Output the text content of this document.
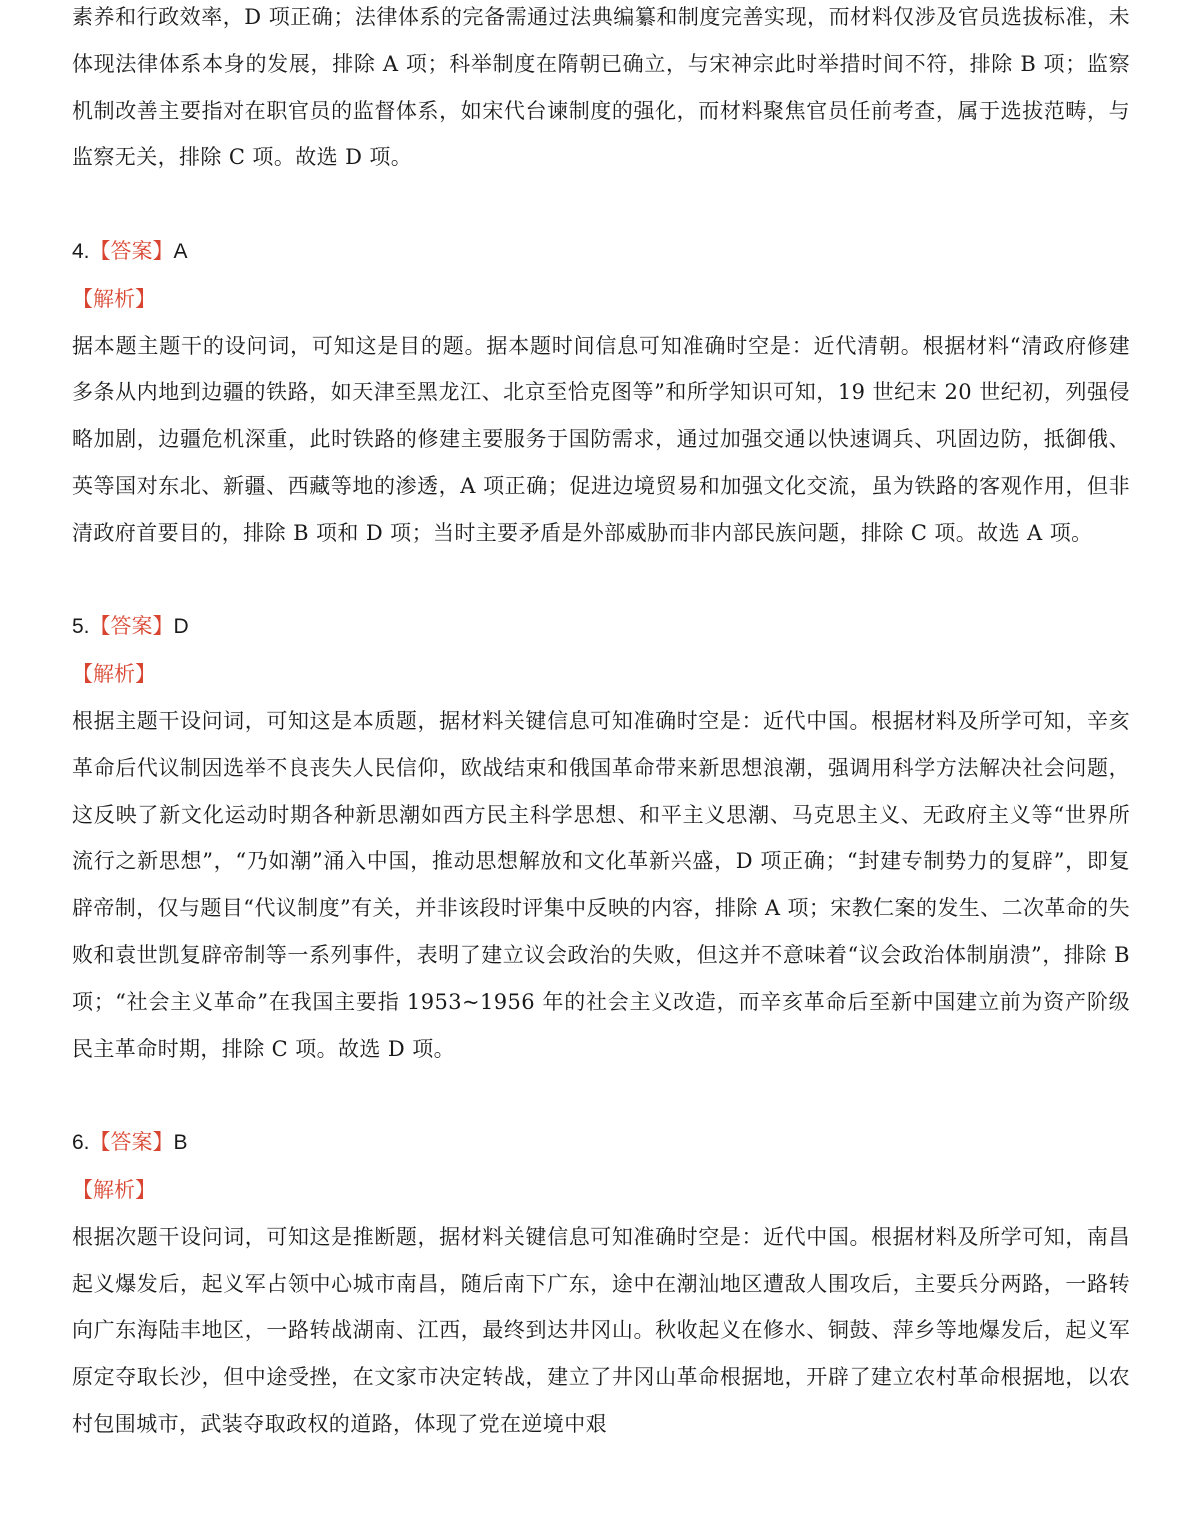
素养和行政效率，D 项正确；法律体系的完备需通过法典编纂和制度完善实现，而材料仅涉及官员选拔标准，未体现法律体系本身的发展，排除 A 项；科举制度在隋朝已确立，与宋神宗此时举措时间不符，排除 B 项；监察机制改善主要指对在职官员的监督体系，如宋代台谏制度的强化，而材料聚焦官员任前考查，属于选拔范畴，与监察无关，排除 C 项。故选 D 项。

4.【答案】A

【解析】

据本题主题干的设问词，可知这是目的题。据本题时间信息可知准确时空是：近代清朝。根据材料“清政府修建多条从内地到边疆的铁路，如天津至黑龙江、北京至恰克图等”和所学知识可知，19 世纪末 20 世纪初，列强侵略加剧，边疆危机深重，此时铁路的修建主要服务于国防需求，通过加强交通以快速调兵、巩固边防，抵御俄、英等国对东北、新疆、西藏等地的渗透，A 项正确；促进边境贸易和加强文化交流，虽为铁路的客观作用，但非清政府首要目的，排除 B 项和 D 项；当时主要矛盾是外部威胁而非内部民族问题，排除 C 项。故选 A 项。

5.【答案】D

【解析】

根据主题干设问词，可知这是本质题，据材料关键信息可知准确时空是：近代中国。根据材料及所学可知，辛亥革命后代议制因选举不良丧失人民信仰，欧战结束和俄国革命带来新思想浪潮，强调用科学方法解决社会问题，这反映了新文化运动时期各种新思潮如西方民主科学思想、和平主义思潮、马克思主义、无政府主义等“世界所流行之新思想”，“乃如潮”涌入中国，推动思想解放和文化革新兴盛，D 项正确；“封建专制势力的复辟”，即复辟帝制，仅与题目“代议制度”有关，并非该段时评集中反映的内容，排除 A 项；宋教仁案的发生、二次革命的失败和袁世凯复辟帝制等一系列事件，表明了建立议会政治的失败，但这并不意味着“议会政治体制崩溃”，排除 B 项；“社会主义革命”在我国主要指 1953~1956 年的社会主义改造，而辛亥革命后至新中国建立前为资产阶级民主革命时期，排除 C 项。故选 D 项。

6.【答案】B

【解析】

根据次题干设问词，可知这是推断题，据材料关键信息可知准确时空是：近代中国。根据材料及所学可知，南昌起义爆发后，起义军占领中心城市南昌，随后南下广东，途中在潮汕地区遭敌人围攻后，主要兵分两路，一路转向广东海陆丰地区，一路转战湖南、江西，最终到达井冈山。秋收起义在修水、铜鼓、萍乡等地爆发后，起义军原定夺取长沙，但中途受挫，在文家市决定转战，建立了井冈山革命根据地，开辟了建立农村革命根据地，以农村包围城市，武装夺取政权的道路，体现了党在逆境中艰
